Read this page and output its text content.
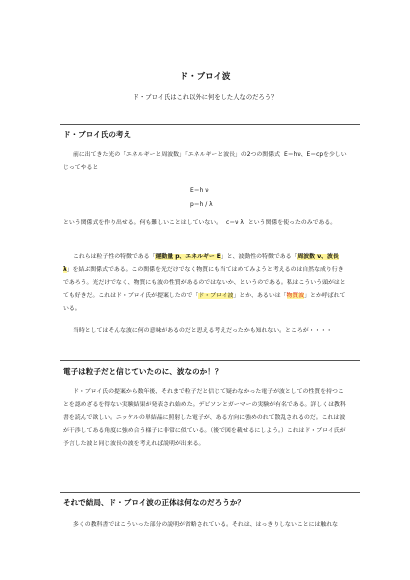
ド・ブロイ波
ド・ブロイ氏はこれ以外に何をした人なのだろう？
ド・ブロイ氏の考え
前に出てきた光の「エネルギーと周波数」「エネルギーと波長」の2つの関係式 E＝hν、E＝cpを少しいじってやると
E＝h ν
p＝h / λ
という関係式を作り出せる。何も難しいことはしていない。 c＝ν λ という関係を使ったのみである。
これらは粒子性の特徴である「運動量 p、エネルギー E」と、波動性の特徴である「周波数 ν、波長 λ」を結ぶ関係式である。この関係を光だけでなく物質にも当てはめてみようと考えるのは自然な成り行きであろう。光だけでなく、物質にも波の性質があるのではないか、というのである。私はこういう頭がはとても好きだ。これはド・ブロイ氏が提案したので「ド・ブロイ波」とか、あるいは「物質波」とか呼ばれている。
当時としてはそんな波に何の意味があるのだと思える考えだったかも知れない。ところが・・・・
電子は粒子だと信じていたのに、波なのか！？
ド・ブロイ氏の提案から数年後、それまで粒子だと信じて疑わなかった電子が波としての性質を持つことを認めざるを得ない実験結果が発表され始めた。デビソンとガーマーの実験が有名である。詳しくは教科書を読んで欲しい。ニッケルの単結晶に照射した電子が、ある方向に強めのれて散乱されるのだ。これは波が干渉してある角度に強め合う様子に非常に似ている。（後で図を載せるにしよう。）これはド・ブロイ氏が予言した波と同じ波長の波を考えれば説明が出来る。
それで結局、ド・ブロイ波の正体は何なのだろうか？
多くの教科書ではこういった部分の説明が省略されている。それは、はっきりしないことには触れな
